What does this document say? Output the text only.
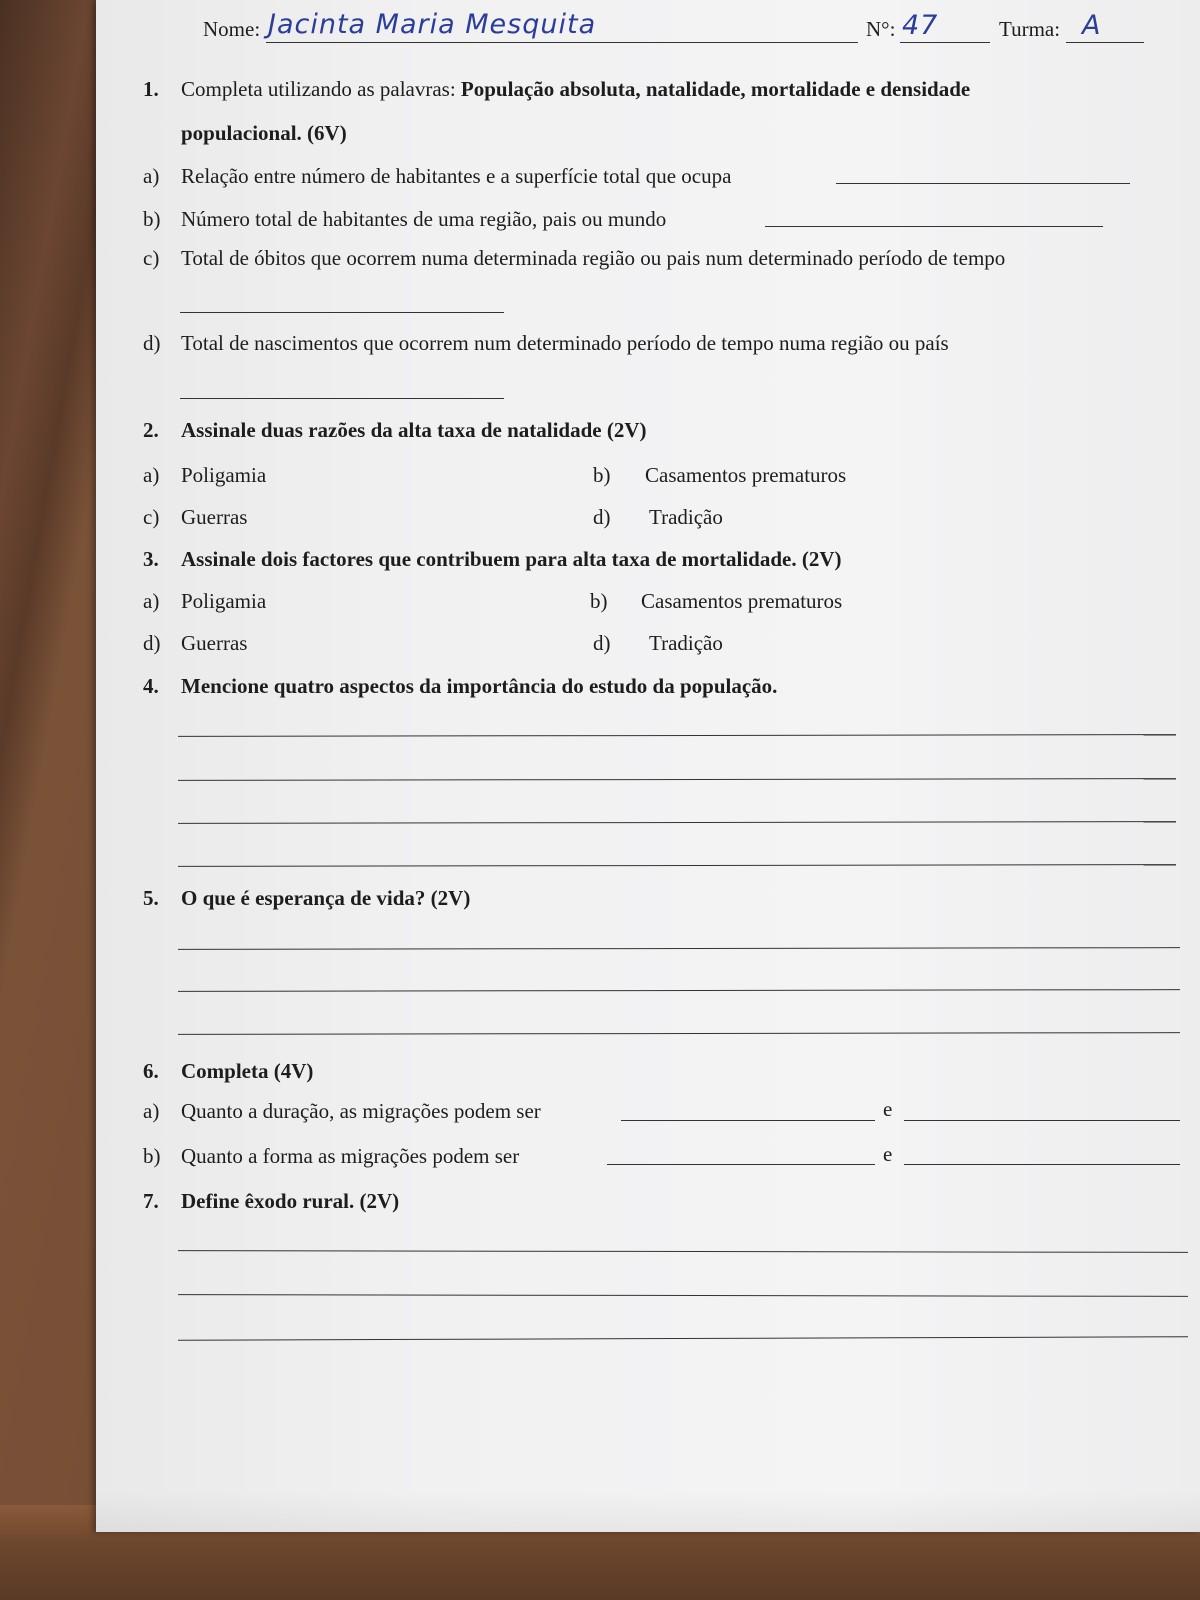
Nome: Jacinta Maria Mesquita	N°: 47	Turma: A
1. Completa utilizando as palavras: População absoluta, natalidade, mortalidade e densidade
populacional. (6V)
a) Relação entre número de habitantes e a superfície total que ocupa
b) Número total de habitantes de uma região, pais ou mundo
c) Total de óbitos que ocorrem numa determinada região ou pais num determinado período de tempo
d) Total de nascimentos que ocorrem num determinado período de tempo numa região ou país
2. Assinale duas razões da alta taxa de natalidade (2V)
a) Poligamia	b) Casamentos prematuros
c) Guerras	d) Tradição
3. Assinale dois factores que contribuem para alta taxa de mortalidade. (2V)
a) Poligamia	b) Casamentos prematuros
d) Guerras	d) Tradição
4. Mencione quatro aspectos da importância do estudo da população.
5. O que é esperança de vida? (2V)
6. Completa (4V)
a) Quanto a duração, as migrações podem ser	e
b) Quanto a forma as migrações podem ser	e
7. Define êxodo rural. (2V)
